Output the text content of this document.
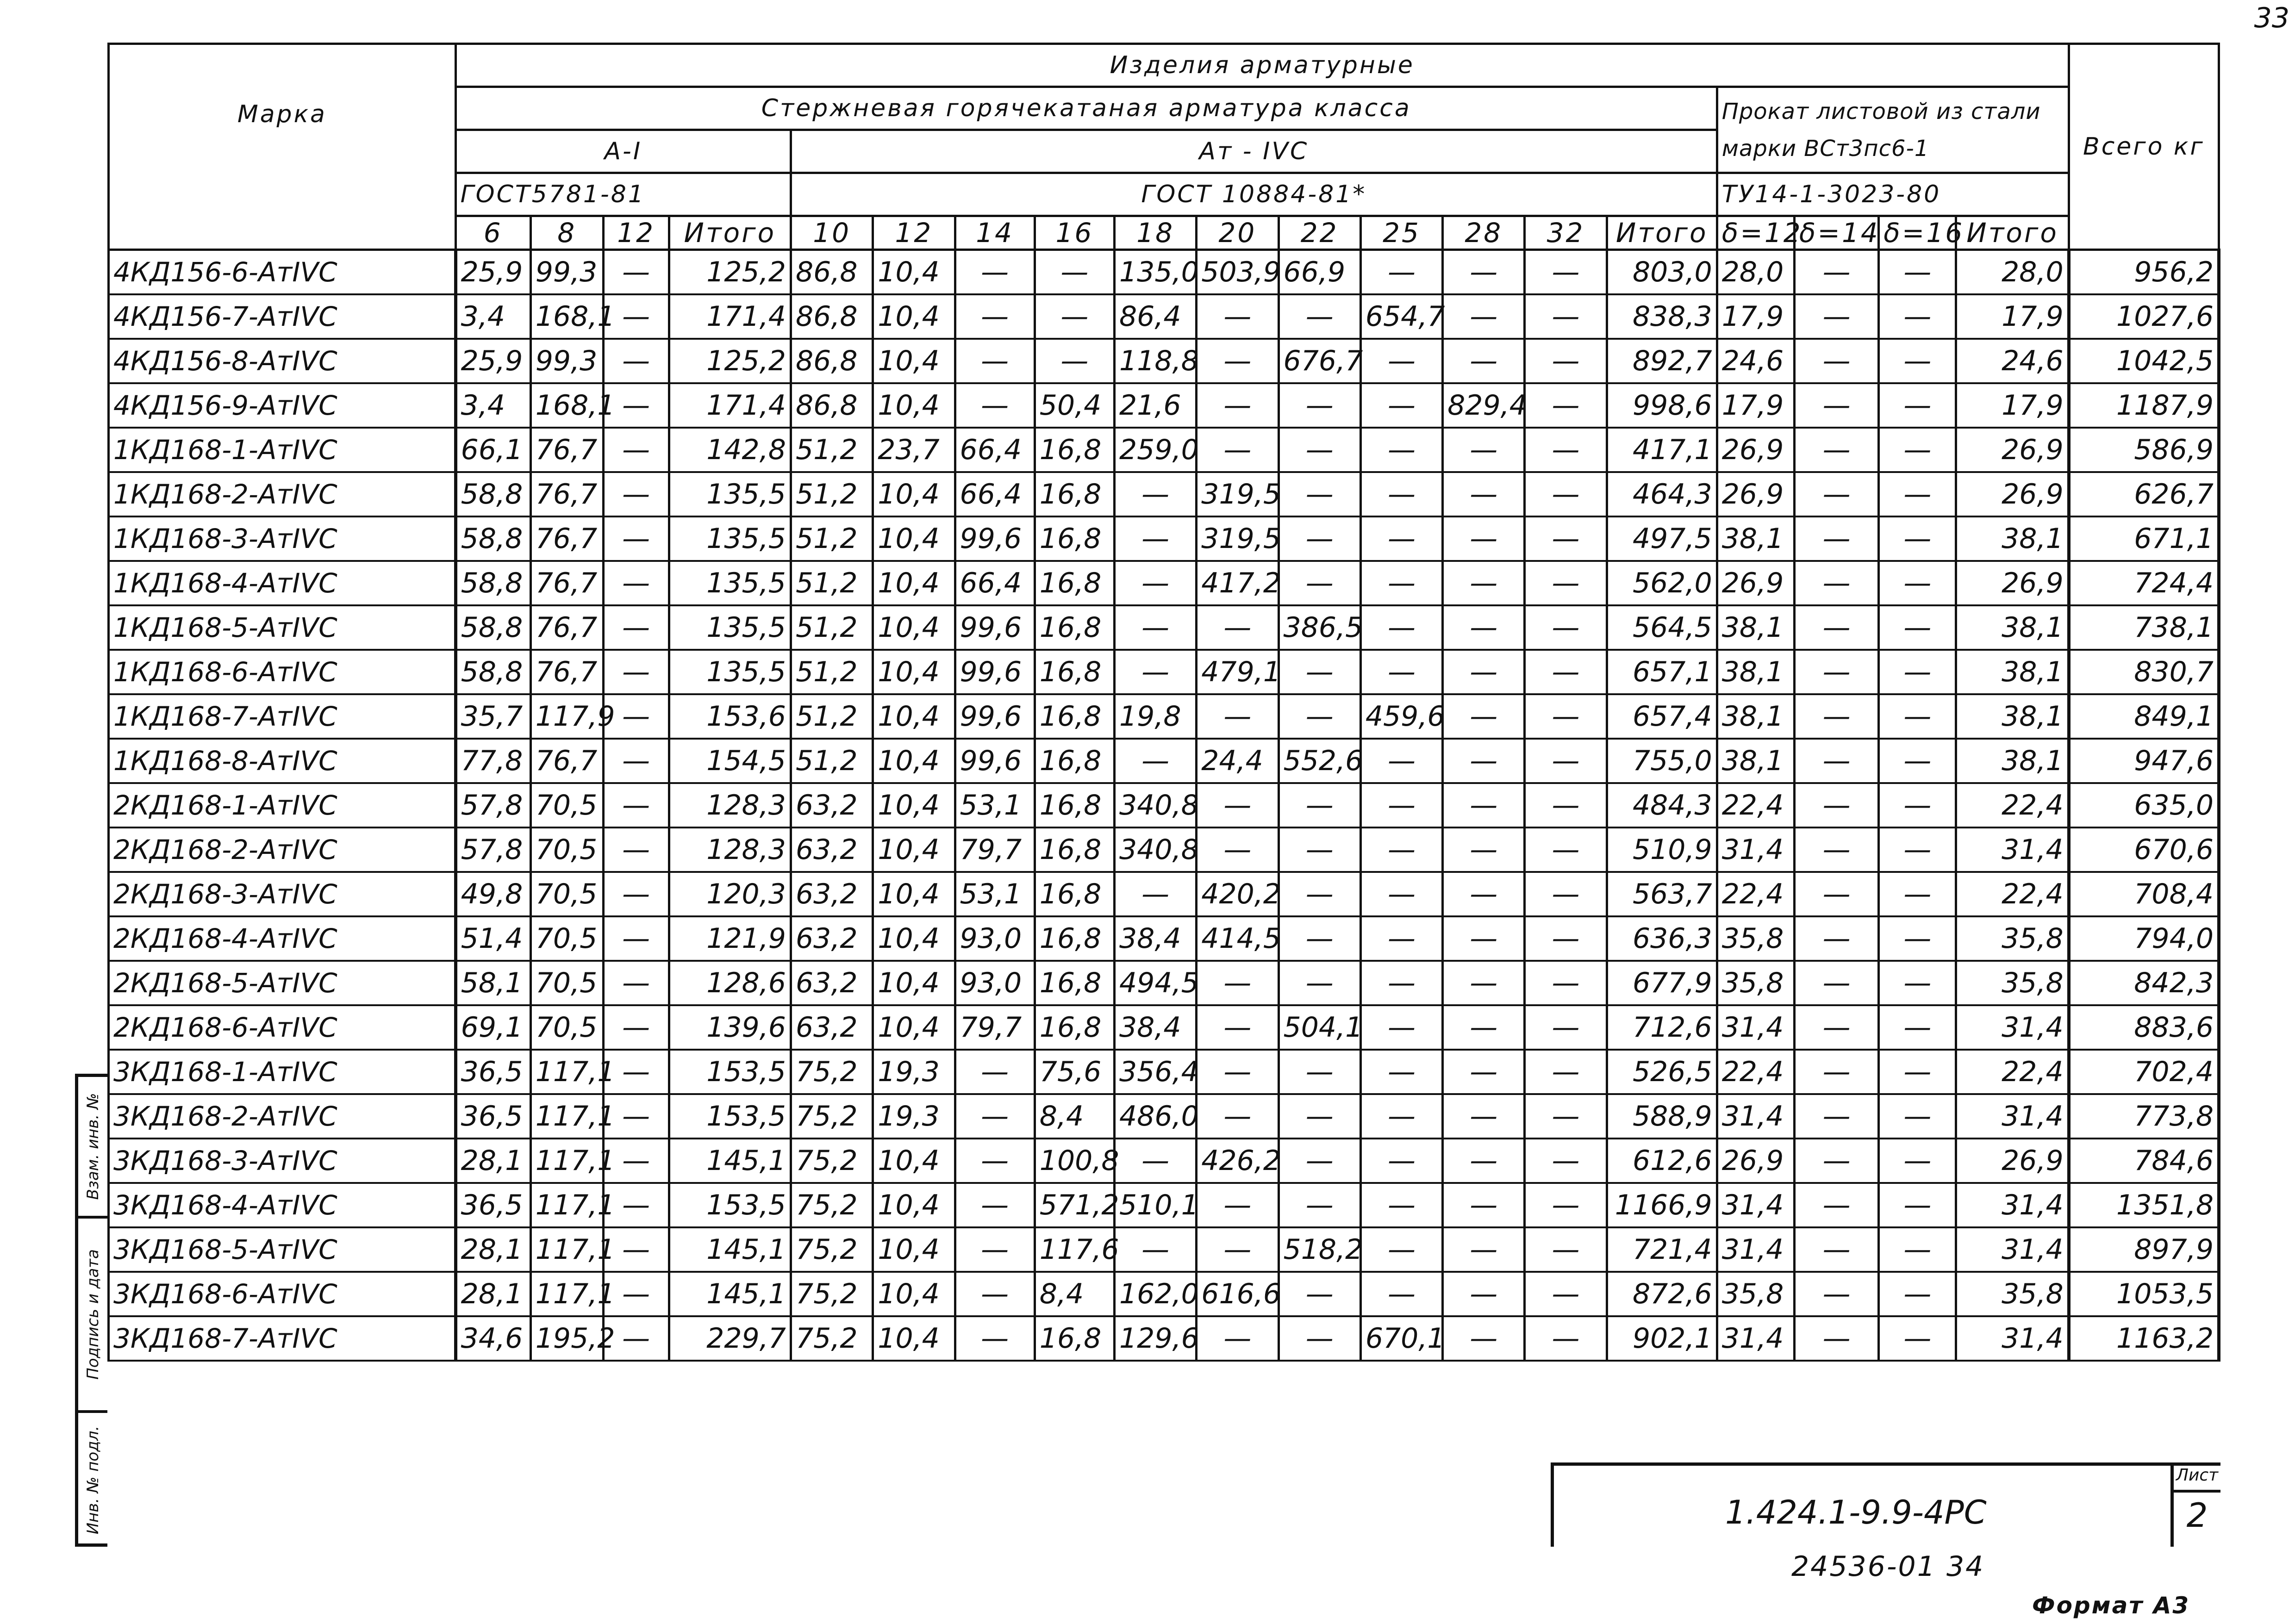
33
Марка	Изделия арматурные																			Всего кг
	Стержневая горячекатаная арматура класса															Прокат листовой из стали марки ВСт3пс6-1				
	А-I				Ат - IVC															
	ГОСТ5781-81				ГОСТ 10884-81*											ТУ14-1-3023-80				
	6	8	12	Итого	10	12	14	16	18	20	22	25	28	32	Итого	δ=12	δ=14	δ=16	Итого	
4КД156-6-АтIVC	25,9	99,3	—	125,2	86,8	10,4	—	—	135,0	503,9	66,9	—	—	—	803,0	28,0	—	—	28,0	956,2
4КД156-7-АтIVC	3,4	168,1	—	171,4	86,8	10,4	—	—	86,4	—	—	654,7	—	—	838,3	17,9	—	—	17,9	1027,6
4КД156-8-АтIVC	25,9	99,3	—	125,2	86,8	10,4	—	—	118,8	—	676,7	—	—	—	892,7	24,6	—	—	24,6	1042,5
4КД156-9-АтIVC	3,4	168,1	—	171,4	86,8	10,4	—	50,4	21,6	—	—	—	829,4	—	998,6	17,9	—	—	17,9	1187,9
1КД168-1-АтIVC	66,1	76,7	—	142,8	51,2	23,7	66,4	16,8	259,0	—	—	—	—	—	417,1	26,9	—	—	26,9	586,9
1КД168-2-АтIVC	58,8	76,7	—	135,5	51,2	10,4	66,4	16,8	—	319,5	—	—	—	—	464,3	26,9	—	—	26,9	626,7
1КД168-3-АтIVC	58,8	76,7	—	135,5	51,2	10,4	99,6	16,8	—	319,5	—	—	—	—	497,5	38,1	—	—	38,1	671,1
1КД168-4-АтIVC	58,8	76,7	—	135,5	51,2	10,4	66,4	16,8	—	417,2	—	—	—	—	562,0	26,9	—	—	26,9	724,4
1КД168-5-АтIVC	58,8	76,7	—	135,5	51,2	10,4	99,6	16,8	—	—	386,5	—	—	—	564,5	38,1	—	—	38,1	738,1
1КД168-6-АтIVC	58,8	76,7	—	135,5	51,2	10,4	99,6	16,8	—	479,1	—	—	—	—	657,1	38,1	—	—	38,1	830,7
1КД168-7-АтIVC	35,7	117,9	—	153,6	51,2	10,4	99,6	16,8	19,8	—	—	459,6	—	—	657,4	38,1	—	—	38,1	849,1
1КД168-8-АтIVC	77,8	76,7	—	154,5	51,2	10,4	99,6	16,8	—	24,4	552,6	—	—	—	755,0	38,1	—	—	38,1	947,6
2КД168-1-АтIVC	57,8	70,5	—	128,3	63,2	10,4	53,1	16,8	340,8	—	—	—	—	—	484,3	22,4	—	—	22,4	635,0
2КД168-2-АтIVC	57,8	70,5	—	128,3	63,2	10,4	79,7	16,8	340,8	—	—	—	—	—	510,9	31,4	—	—	31,4	670,6
2КД168-3-АтIVC	49,8	70,5	—	120,3	63,2	10,4	53,1	16,8	—	420,2	—	—	—	—	563,7	22,4	—	—	22,4	708,4
2КД168-4-АтIVC	51,4	70,5	—	121,9	63,2	10,4	93,0	16,8	38,4	414,5	—	—	—	—	636,3	35,8	—	—	35,8	794,0
2КД168-5-АтIVC	58,1	70,5	—	128,6	63,2	10,4	93,0	16,8	494,5	—	—	—	—	—	677,9	35,8	—	—	35,8	842,3
2КД168-6-АтIVC	69,1	70,5	—	139,6	63,2	10,4	79,7	16,8	38,4	—	504,1	—	—	—	712,6	31,4	—	—	31,4	883,6
3КД168-1-АтIVC	36,5	117,1	—	153,5	75,2	19,3	—	75,6	356,4	—	—	—	—	—	526,5	22,4	—	—	22,4	702,4
3КД168-2-АтIVC	36,5	117,1	—	153,5	75,2	19,3	—	8,4	486,0	—	—	—	—	—	588,9	31,4	—	—	31,4	773,8
3КД168-3-АтIVC	28,1	117,1	—	145,1	75,2	10,4	—	100,8	—	426,2	—	—	—	—	612,6	26,9	—	—	26,9	784,6
3КД168-4-АтIVC	36,5	117,1	—	153,5	75,2	10,4	—	571,2	510,1	—	—	—	—	—	1166,9	31,4	—	—	31,4	1351,8
3КД168-5-АтIVC	28,1	117,1	—	145,1	75,2	10,4	—	117,6	—	—	518,2	—	—	—	721,4	31,4	—	—	31,4	897,9
3КД168-6-АтIVC	28,1	117,1	—	145,1	75,2	10,4	—	8,4	162,0	616,6	—	—	—	—	872,6	35,8	—	—	35,8	1053,5
3КД168-7-АтIVC	34,6	195,2	—	229,7	75,2	10,4	—	16,8	129,6	—	—	670,1	—	—	902,1	31,4	—	—	31,4	1163,2
Взам. инв. №
Подпись и дата
Инв. № подл.	1.424.1-9.9-4РС
Лист
2
24536-01 34
Формат А3
